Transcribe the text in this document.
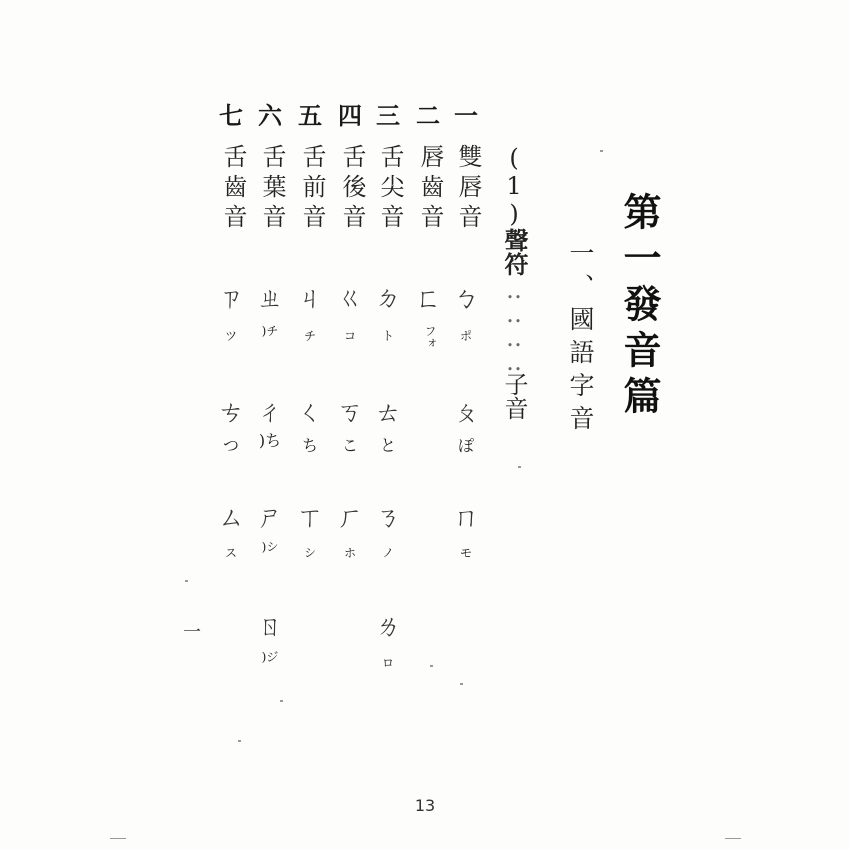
第一發音篇
一、國語字音
(1)聲符‥‥‥‥子音
一
雙唇音
ㄅ
ポ
ㄆ
ぽ
ㄇ
モ
二
唇齒音
ㄈ
フォ
三
舌尖音
ㄉ
ト
ㄊ
と
ㄋ
ノ
ㄌ
ロ
四
舌後音
ㄍ
コ
ㄎ
こ
ㄏ
ホ
五
舌前音
ㄐ
チ
ㄑ
ち
ㄒ
シ
六
舌葉音
ㄓ
)チ
ㄔ
)ち
ㄕ
)シ
ㄖ
)ジ
七
舌齒音
ㄗ
ツ
ㄘ
つ
ㄙ
ス
一
13
